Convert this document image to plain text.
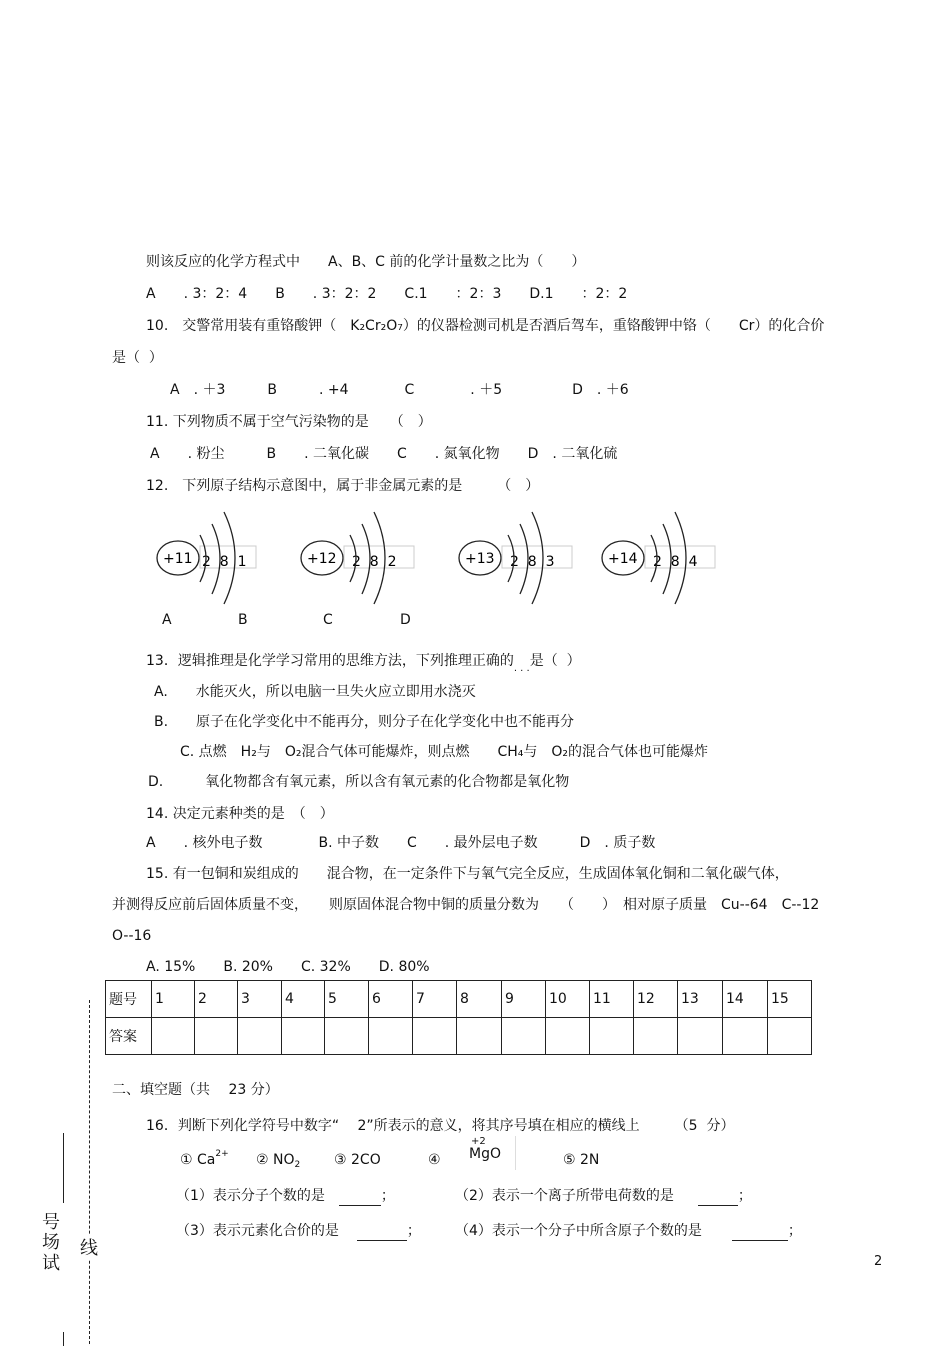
则该反应的化学方程式中　　A、B、C 前的化学计量数之比为（　　）
A　　. 3：2：4　　B　　. 3：2：2　　C.1　　：2：3　　D.1　　：2：2
10.　交警常用装有重铬酸钾（　K₂Cr₂O₇）的仪器检测司机是否酒后驾车，重铬酸钾中铬（　　Cr）的化合价
是（  ）
A　. ＋3　　　B　　　. +4　　　　C　　　　. ＋5　　　　　D　. ＋6
11. 下列物质不属于空气污染物的是　　（　）
A　　. 粉尘　　　B　　. 二氧化碳　　C　　. 氮氧化物　　D　. 二氧化硫
12.　下列原子结构示意图中，属于非金属元素的是　　　（　）
+11 2  8  1	+12 2  8  2	+13 2  8  3	+14 2  8  4
A	B	C	D
13．逻辑推理是化学学习常用的思维方法，下列推理正确的$_{. . .}$是（  ）
A.　　水能灭火，所以电脑一旦失火应立即用水浇灭
B.　　原子在化学变化中不能再分，则分子在化学变化中也不能再分
C. 点燃　H₂与　O₂混合气体可能爆炸，则点燃　　CH₄与　O₂的混合气体也可能爆炸
D.　　　氧化物都含有氧元素，所以含有氧元素的化合物都是氧化物
14. 决定元素种类的是　（　）
A　　. 核外电子数　　　　B. 中子数　　C　　. 最外层电子数　　　D　. 质子数
15. 有一包铜和炭组成的　　混合物，在一定条件下与氧气完全反应，生成固体氧化铜和二氧化碳气体，
并测得反应前后固体质量不变，　　则原固体混合物中铜的质量分数为　　（　　）　相对原子质量　Cu--64　C--12
O--16
A. 15%　　B. 20%　　C. 32%　　D. 80%
题号	1	2	3	4	5	6	7	8	9	10	11	12	13	14	15
答案															
二、填空题（共　 23 分）
16．判断下列化学符号中数字“　 2”所表示的意义，将其序号填在相应的横线上　　　（5  分）
① $Ca^{2+}$ ② $NO_2$ ③ 2CO	④
+2
MgO	⑤ 2N
（1）表示分子个数的是	；	（2）表示一个离子所带电荷数的是	；
（3）表示元素化合价的是	； （4）表示一个分子中所含原子个数的是	；
号
场
试
线
2
